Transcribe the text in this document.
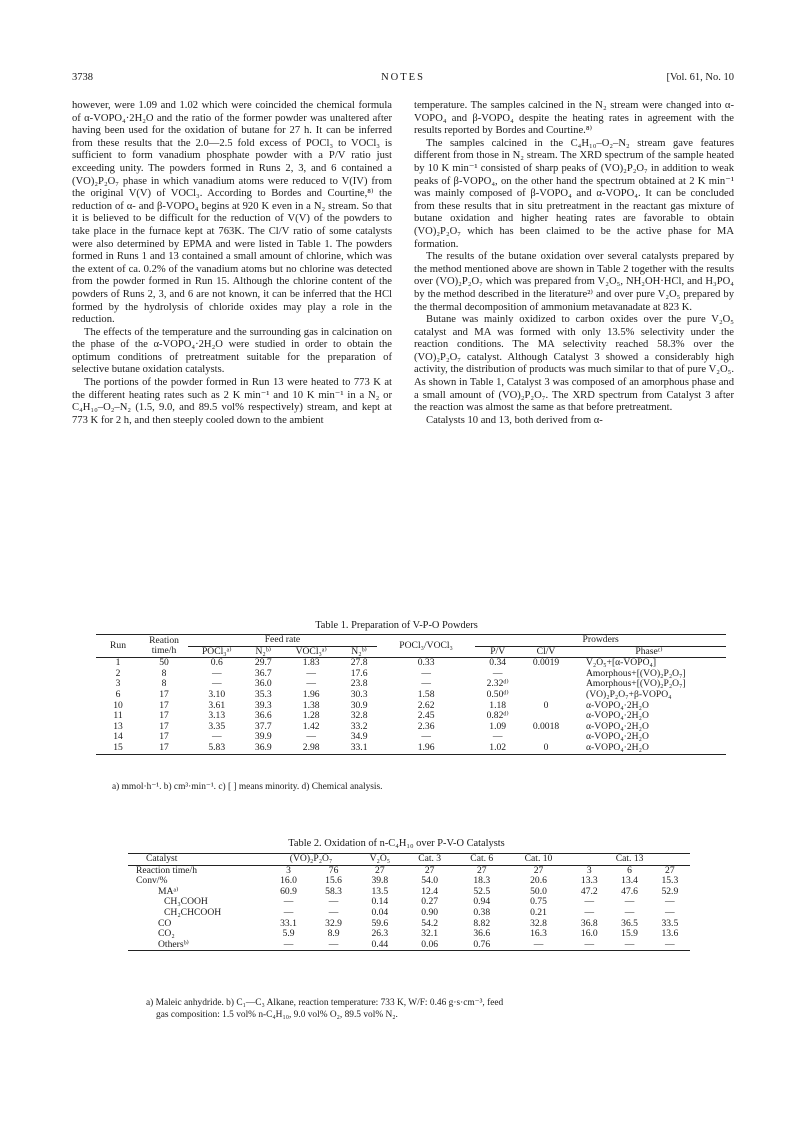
3738	NOTES	[Vol. 61, No. 10

however, were 1.09 and 1.02 which were coincided the chemical formula of α-VOPO₄·2H₂O and the ratio of the former powder was unaltered after having been used for the oxidation of butane for 27 h. It can be inferred from these results that the 2.0—2.5 fold excess of POCl₃ to VOCl₃ is sufficient to form vanadium phosphate powder with a P/V ratio just exceeding unity. The powders formed in Runs 2, 3, and 6 contained a (VO)₂P₂O₇ phase in which vanadium atoms were reduced to V(IV) from the original V(V) of VOCl₃. According to Bordes and Courtine,⁸⁾ the reduction of α- and β-VOPO₄ begins at 920 K even in a N₂ stream. So that it is believed to be difficult for the reduction of V(V) of the powders to take place in the furnace kept at 763K. The Cl/V ratio of some catalysts were also determined by EPMA and were listed in Table 1. The powders formed in Runs 1 and 13 contained a small amount of chlorine, which was the extent of ca. 0.2% of the vanadium atoms but no chlorine was detected from the powder formed in Run 15. Although the chlorine content of the powders of Runs 2, 3, and 6 are not known, it can be inferred that the HCl formed by the hydrolysis of chloride oxides may play a role in the reduction.

The effects of the temperature and the surrounding gas in calcination on the phase of the α-VOPO₄·2H₂O were studied in order to obtain the optimum conditions of pretreatment suitable for the preparation of selective butane oxidation catalysts.

The portions of the powder formed in Run 13 were heated to 773 K at the different heating rates such as 2 K min⁻¹ and 10 K min⁻¹ in a N₂ or C₄H₁₀–O₂–N₂ (1.5, 9.0, and 89.5 vol% respectively) stream, and kept at 773 K for 2 h, and then steeply cooled down to the ambient

temperature. The samples calcined in the N₂ stream were changed into α-VOPO₄ and β-VOPO₄ despite the heating rates in agreement with the results reported by Bordes and Courtine.⁸⁾

The samples calcined in the C₄H₁₀–O₂–N₂ stream gave features different from those in N₂ stream. The XRD spectrum of the sample heated by 10 K min⁻¹ consisted of sharp peaks of (VO)₂P₂O₇ in addition to weak peaks of β-VOPO₄, on the other hand the spectrum obtained at 2 K min⁻¹ was mainly composed of β-VOPO₄ and α-VOPO₄. It can be concluded from these results that in situ pretreatment in the reactant gas mixture of butane oxidation and higher heating rates are favorable to obtain (VO)₂P₂O₇ which has been claimed to be the active phase for MA formation.

The results of the butane oxidation over several catalysts prepared by the method mentioned above are shown in Table 2 together with the results over (VO)₂P₂O₇ which was prepared from V₂O₅, NH₂OH·HCl, and H₃PO₄ by the method described in the literature²⁾ and over pure V₂O₅ prepared by the thermal decomposition of ammonium metavanadate at 823 K.

Butane was mainly oxidized to carbon oxides over the pure V₂O₅ catalyst and MA was formed with only 13.5% selectivity under the reaction conditions. The MA selectivity reached 58.3% over the (VO)₂P₂O₇ catalyst. Although Catalyst 3 showed a considerably high activity, the distribution of products was much similar to that of pure V₂O₅. As shown in Table 1, Catalyst 3 was composed of an amorphous phase and a small amount of (VO)₂P₂O₇. The XRD spectrum from Catalyst 3 after the reaction was almost the same as that before pretreatment.

Catalysts 10 and 13, both derived from α-

Table 1. Preparation of V-P-O Powders
Run	Reation time/h	Feed rate				POCl₃/VOCl₃	Prowders		
		POCl₃ᵃ⁾	N₂ᵇ⁾	VOCl₃ᵃ⁾	N₂ᵇ⁾		P/V	Cl/V	Phaseᶜ⁾
1	50	0.6	29.7	1.83	27.8	0.33	0.34	0.0019	V₂O₅+[α-VOPO₄]
2	8	—	36.7	—	17.6	—	—		Amorphous+[(VO)₂P₂O₇]
3	8	—	36.0	—	23.8	—	2.32ᵈ⁾		Amorphous+[(VO)₂P₂O₇]
6	17	3.10	35.3	1.96	30.3	1.58	0.50ᵈ⁾		(VO)₂P₂O₇+β-VOPO₄
10	17	3.61	39.3	1.38	30.9	2.62	1.18	0	α-VOPO₄·2H₂O
11	17	3.13	36.6	1.28	32.8	2.45	0.82ᵈ⁾		α-VOPO₄·2H₂O
13	17	3.35	37.7	1.42	33.2	2.36	1.09	0.0018	α-VOPO₄·2H₂O
14	17	—	39.9	—	34.9	—	—		α-VOPO₄·2H₂O
15	17	5.83	36.9	2.98	33.1	1.96	1.02	0	α-VOPO₄·2H₂O
a) mmol·h⁻¹. b) cm³·min⁻¹. c) [ ] means minority. d) Chemical analysis.
Table 2. Oxidation of n-C₄H₁₀ over P-V-O Catalysts
Catalyst	(VO)₂P₂O₇		V₂O₅	Cat. 3	Cat. 6	Cat. 10	Cat. 13		
Reaction time/h	3	76	27	27	27	27	3	6	27
Conv/%	16.0	15.6	39.8	54.0	18.3	20.6	13.3	13.4	15.3
MAᵃ⁾	60.9	58.3	13.5	12.4	52.5	50.0	47.2	47.6	52.9
CH₃COOH	—	—	0.14	0.27	0.94	0.75	—	—	—
CH₂CHCOOH	—	—	0.04	0.90	0.38	0.21	—	—	—
CO	33.1	32.9	59.6	54.2	8.82	32.8	36.8	36.5	33.5
CO₂	5.9	8.9	26.3	32.1	36.6	16.3	16.0	15.9	13.6
Othersᵇ⁾	—	—	0.44	0.06	0.76	—	—	—	—
a) Maleic anhydride. b) C₁—C₃ Alkane, reaction temperature: 733 K, W/F: 0.46 g·s·cm⁻³, feed
gas composition: 1.5 vol% n-C₄H₁₀, 9.0 vol% O₂, 89.5 vol% N₂.
